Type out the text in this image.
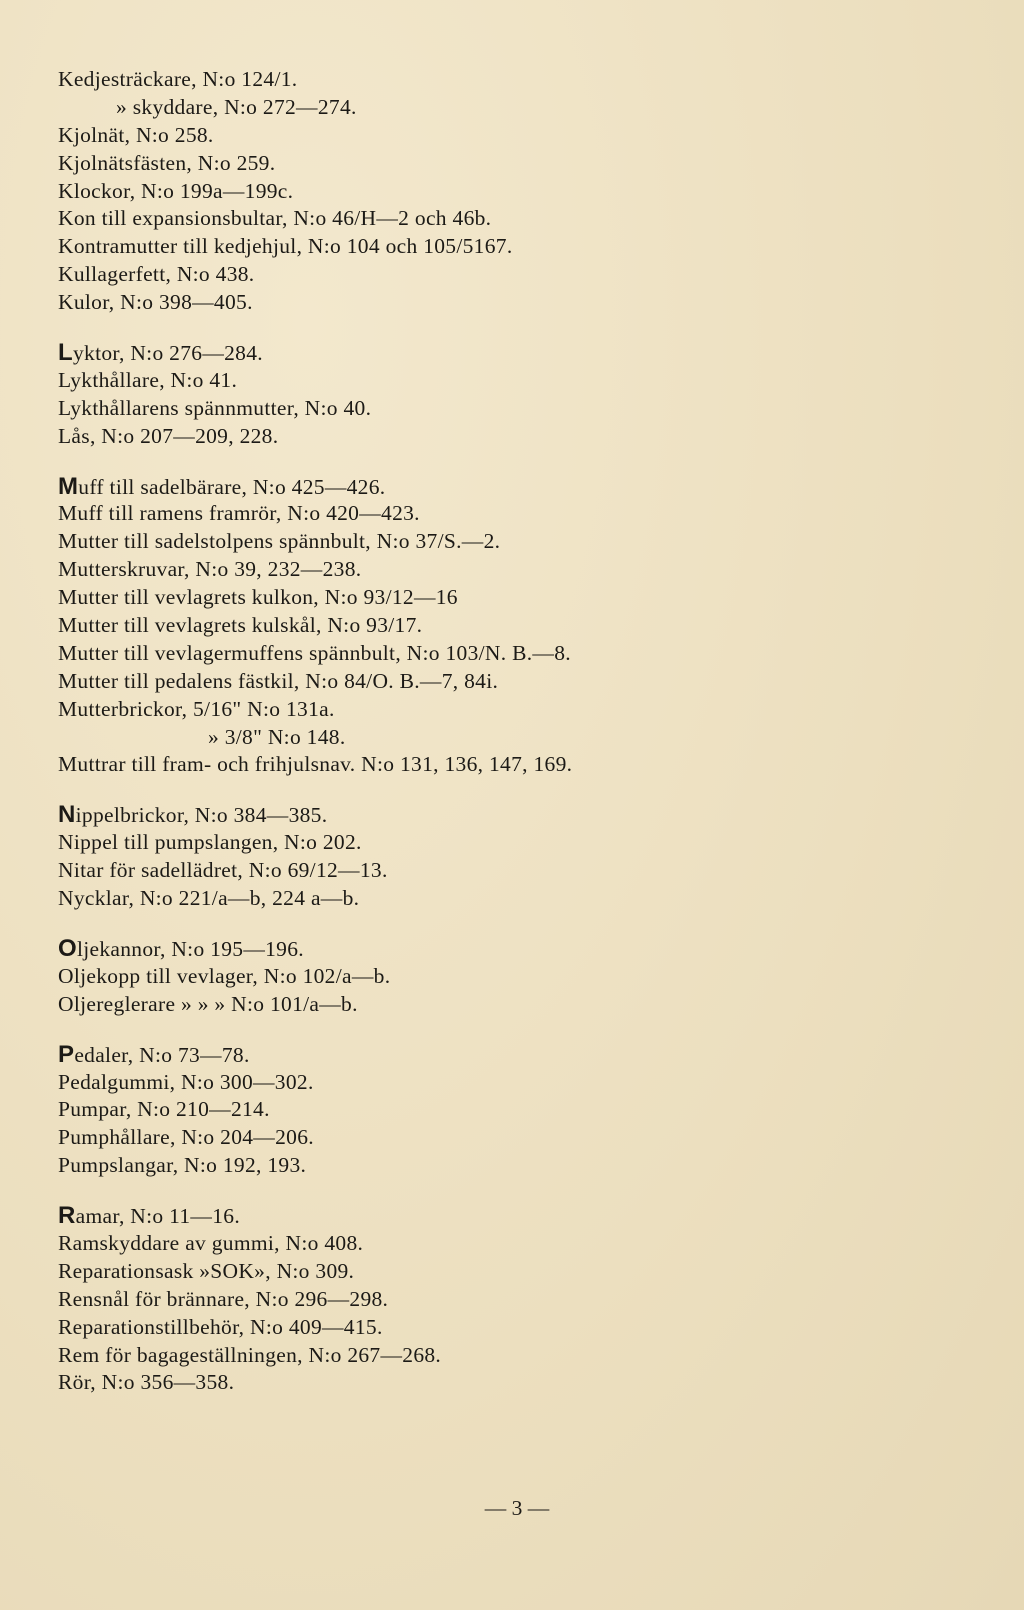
Kedjesträckare, N:o 124/1.
» skyddare, N:o 272—274.
Kjolnät, N:o 258.
Kjolnätsfästen, N:o 259.
Klockor, N:o 199a—199c.
Kon till expansionsbultar, N:o 46/H—2 och 46b.
Kontramutter till kedjehjul, N:o 104 och 105/5167.
Kullagerfett, N:o 438.
Kulor, N:o 398—405.
Lyktor, N:o 276—284.
Lykthållare, N:o 41.
Lykthållarens spännmutter, N:o 40.
Lås, N:o 207—209, 228.
Muff till sadelbärare, N:o 425—426.
Muff till ramens framrör, N:o 420—423.
Mutter till sadelstolpens spännbult, N:o 37/S.—2.
Mutterskruvar, N:o 39, 232—238.
Mutter till vevlagrets kulkon, N:o 93/12—16
Mutter till vevlagrets kulskål, N:o 93/17.
Mutter till vevlagermuffens spännbult, N:o 103/N. B.—8.
Mutter till pedalens fästkil, N:o 84/O. B.—7, 84i.
Mutterbrickor, 5/16" N:o 131a.
» 3/8" N:o 148.
Muttrar till fram- och frihjulsnav. N:o 131, 136, 147, 169.
Nippelbrickor, N:o 384—385.
Nippel till pumpslangen, N:o 202.
Nitar för sadellädret, N:o 69/12—13.
Nycklar, N:o 221/a—b, 224 a—b.
Oljekannor, N:o 195—196.
Oljekopp till vevlager, N:o 102/a—b.
Oljereglerare » » » N:o 101/a—b.
Pedaler, N:o 73—78.
Pedalgummi, N:o 300—302.
Pumpar, N:o 210—214.
Pumphållare, N:o 204—206.
Pumpslangar, N:o 192, 193.
Ramar, N:o 11—16.
Ramskyddare av gummi, N:o 408.
Reparationsask »SOK», N:o 309.
Rensnål för brännare, N:o 296—298.
Reparationstillbehör, N:o 409—415.
Rem för bagageställningen, N:o 267—268.
Rör, N:o 356—358.
— 3 —
